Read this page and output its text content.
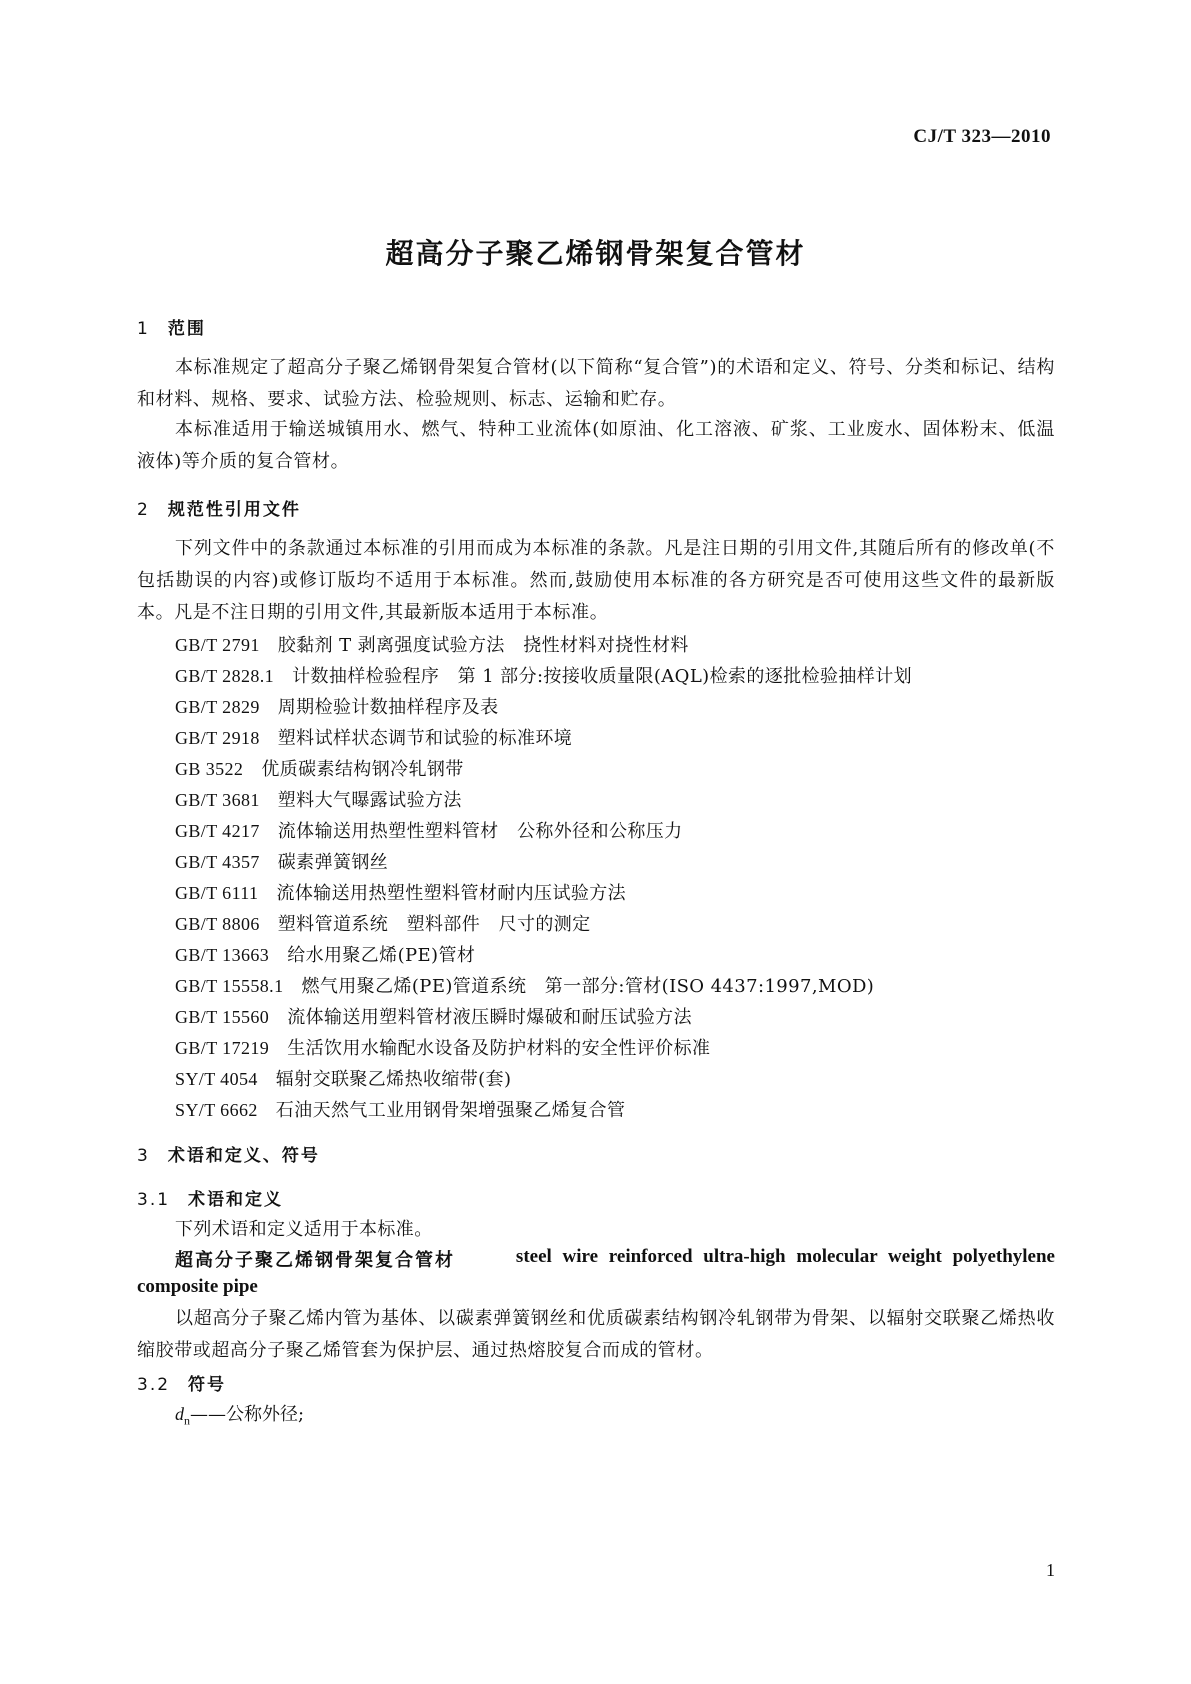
CJ/T 323—2010
超高分子聚乙烯钢骨架复合管材
1 范围
本标准规定了超高分子聚乙烯钢骨架复合管材(以下简称“复合管”)的术语和定义、符号、分类和标记、结构和材料、规格、要求、试验方法、检验规则、标志、运输和贮存。
本标准适用于输送城镇用水、燃气、特种工业流体(如原油、化工溶液、矿浆、工业废水、固体粉末、低温液体)等介质的复合管材。
2 规范性引用文件
下列文件中的条款通过本标准的引用而成为本标准的条款。凡是注日期的引用文件,其随后所有的修改单(不包括勘误的内容)或修订版均不适用于本标准。然而,鼓励使用本标准的各方研究是否可使用这些文件的最新版本。凡是不注日期的引用文件,其最新版本适用于本标准。
GB/T 2791 胶黏剂 T 剥离强度试验方法　挠性材料对挠性材料
GB/T 2828.1 计数抽样检验程序　第 1 部分:按接收质量限(AQL)检索的逐批检验抽样计划
GB/T 2829 周期检验计数抽样程序及表
GB/T 2918 塑料试样状态调节和试验的标准环境
GB 3522 优质碳素结构钢冷轧钢带
GB/T 3681 塑料大气曝露试验方法
GB/T 4217 流体输送用热塑性塑料管材　公称外径和公称压力
GB/T 4357 碳素弹簧钢丝
GB/T 6111 流体输送用热塑性塑料管材耐内压试验方法
GB/T 8806 塑料管道系统　塑料部件　尺寸的测定
GB/T 13663 给水用聚乙烯(PE)管材
GB/T 15558.1 燃气用聚乙烯(PE)管道系统　第一部分:管材(ISO 4437:1997,MOD)
GB/T 15560 流体输送用塑料管材液压瞬时爆破和耐压试验方法
GB/T 17219 生活饮用水输配水设备及防护材料的安全性评价标准
SY/T 4054 辐射交联聚乙烯热收缩带(套)
SY/T 6662 石油天然气工业用钢骨架增强聚乙烯复合管
3 术语和定义、符号
3.1 术语和定义
下列术语和定义适用于本标准。
超高分子聚乙烯钢骨架复合管材	steel wire reinforced ultra-high molecular weight polyethylene
composite pipe
以超高分子聚乙烯内管为基体、以碳素弹簧钢丝和优质碳素结构钢冷轧钢带为骨架、以辐射交联聚乙烯热收缩胶带或超高分子聚乙烯管套为保护层、通过热熔胶复合而成的管材。
3.2 符号
$d_n——$公称外径;
1
